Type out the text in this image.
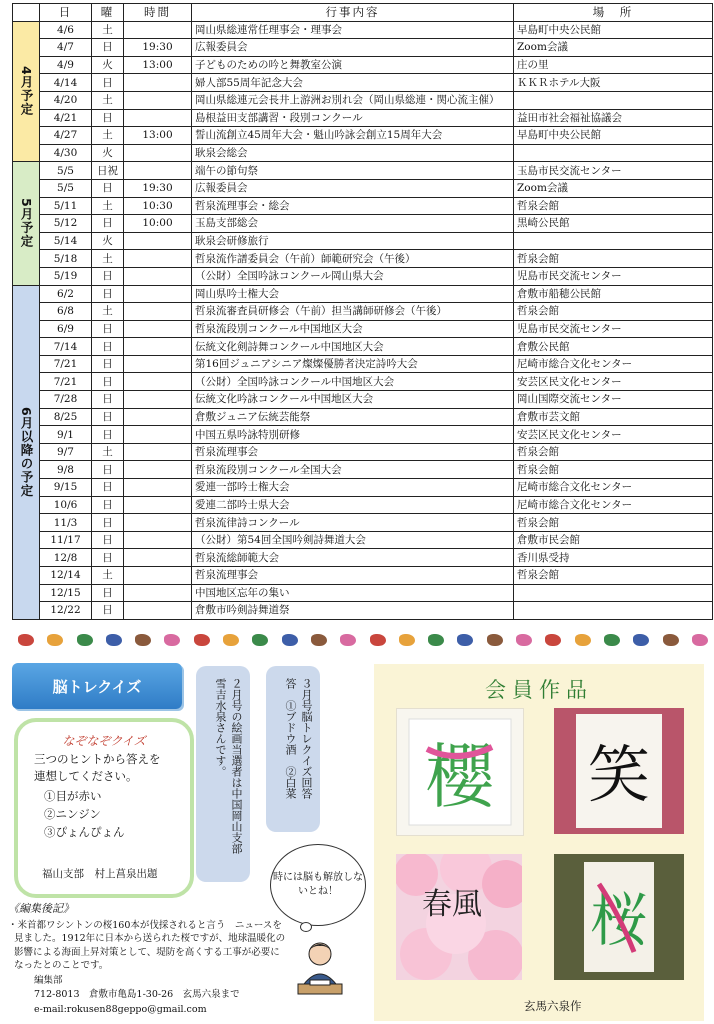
	日	曜	時間	行事内容	場　所

4月予定	4/6	土		岡山県総連常任理事会・理事会	早島町中央公民館
	4/7	日	19:30	広報委員会	Zoom会議
	4/9	火	13:00	子どものための吟と舞教室公演	庄の里
	4/14	日		婦人部55周年記念大会	ＫＫＲホテル大阪
	4/20	土		岡山県総連元会長井上游洲お別れ会（岡山県総連・関心流主催）	
	4/21	日		島根益田支部講習・段別コンクール	益田市社会福祉協議会
	4/27	土	13:00	誓山流創立45周年大会・魁山吟詠会創立15周年大会	早島町中央公民館
	4/30	火		耿泉会総会	

5月予定	5/5	日祝		端午の節句祭	玉島市民交流センター
	5/5	日	19:30	広報委員会	Zoom会議
	5/11	土	10:30	哲泉流理事会・総会	哲泉会館
	5/12	日	10:00	玉島支部総会	黒崎公民館
	5/14	火		耿泉会研修旅行	
	5/18	土		哲泉流作譜委員会（午前）師範研究会（午後）	哲泉会館
	5/19	日		（公財）全国吟詠コンクール岡山県大会	児島市民交流センター

6月以降の予定	6/2	日		岡山県吟士権大会	倉敷市船穂公民館
	6/8	土		哲泉流審査員研修会（午前）担当講師研修会（午後）	哲泉会館
	6/9	日		哲泉流段別コンクール中国地区大会	児島市民交流センター
	7/14	日		伝統文化剣詩舞コンクール中国地区大会	倉敷公民館
	7/21	日		第16回ジュニアシニア燦燦優勝者決定詩吟大会	尼崎市総合文化センター
	7/21	日		（公財）全国吟詠コンクール中国地区大会	安芸区民文化センター
	7/28	日		伝統文化吟詠コンクール中国地区大会	岡山国際交流センター
	8/25	日		倉敷ジュニア伝統芸能祭	倉敷市芸文館
	9/1	日		中国五県吟詠特別研修	安芸区民文化センター
	9/7	土		哲泉流理事会	哲泉会館
	9/8	日		哲泉流段別コンクール全国大会	哲泉会館
	9/15	日		愛連一部吟士権大会	尼崎市総合文化センター
	10/6	日		愛連二部吟士県大会	尼崎市総合文化センター
	11/3	日		哲泉流律詩コンクール	哲泉会館
	11/17	日		（公財）第54回全国吟剣詩舞道大会	倉敷市民会館
	12/8	日		哲泉流総師範大会	香川県受持
	12/14	土		哲泉流理事会	哲泉会館
	12/15	日		中国地区忘年の集い	
	12/22	日		倉敷市吟剣詩舞道祭	
脳トレクイズ
なぞなぞクイズ
三つのヒントから答えを
連想してください。
①目が赤い
②ニンジン
③ぴょんぴょん
福山支部　村上菖泉出題
２月号の絵画当選者は中国岡山支部　雪吉水泉さんです。	３月号脳トレクイズ回答　答　①ブドウ酒　②白菜
時には脳も解放しないとね！
《編集後記》
・米首都ワシントンの桜160本が伐採されると言う　ニュースを見ました。1912年に日本から送られた桜ですが、地球温暖化の影響による海面上昇対策として、堤防を高くする工事が必要になったとのことです。
編集部
712-8013　倉敷市亀島1-30-26　玄馬六泉まで
e-mail:rokusen88geppo@gmail.com
会員作品
櫻 笑
春風 桜
玄馬六泉作
